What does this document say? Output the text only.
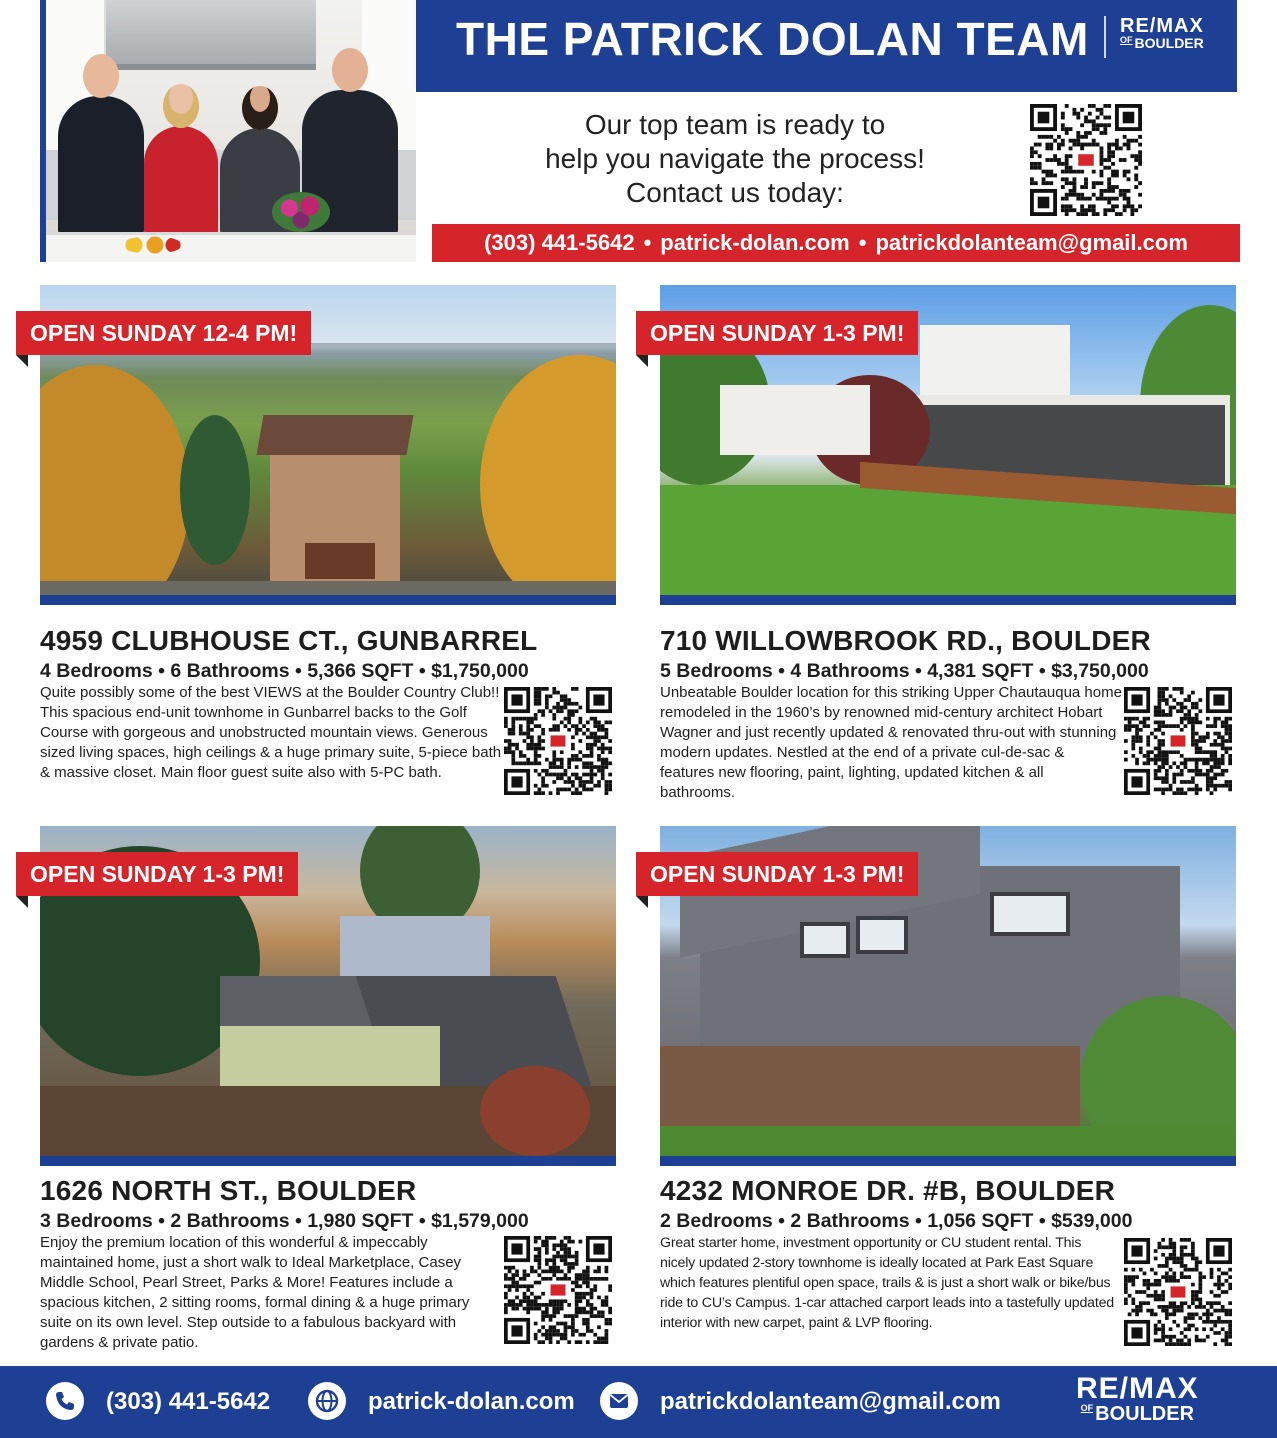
THE PATRICK DOLAN TEAM RE/MAX
$^{OF}$ BOULDER
Our top team is ready to
help you navigate the process!
Contact us today:
(303) 441-5642 • patrick-dolan.com • patrickdolanteam@gmail.com
OPEN SUNDAY 12-4 PM!
4959 CLUBHOUSE CT., GUNBARREL
4 Bedrooms • 6 Bathrooms • 5,366 SQFT • $1,750,000
Quite possibly some of the best VIEWS at the Boulder Country Club!! This spacious end-unit townhome in Gunbarrel backs to the Golf Course with gorgeous and unobstructed mountain views. Generous sized living spaces, high ceilings & a huge primary suite, 5-piece bath & massive closet. Main floor guest suite also with 5-PC bath.
OPEN SUNDAY 1-3 PM!
710 WILLOWBROOK RD., BOULDER
5 Bedrooms • 4 Bathrooms • 4,381 SQFT • $3,750,000
Unbeatable Boulder location for this striking Upper Chautauqua home remodeled in the 1960’s by renowned mid-century architect Hobart Wagner and just recently updated & renovated thru-out with stunning modern updates. Nestled at the end of a private cul-de-sac & features new flooring, paint, lighting, updated kitchen & all bathrooms.
OPEN SUNDAY 1-3 PM!
1626 NORTH ST., BOULDER
3 Bedrooms • 2 Bathrooms • 1,980 SQFT • $1,579,000
Enjoy the premium location of this wonderful & impeccably maintained home, just a short walk to Ideal Marketplace, Casey Middle School, Pearl Street, Parks & More! Features include a spacious kitchen, 2 sitting rooms, formal dining & a huge primary suite on its own level. Step outside to a fabulous backyard with gardens & private patio.
OPEN SUNDAY 1-3 PM!
4232 MONROE DR. #B, BOULDER
2 Bedrooms • 2 Bathrooms • 1,056 SQFT • $539,000
Great starter home, investment opportunity or CU student rental. This nicely updated 2-story townhome is ideally located at Park East Square which features plentiful open space, trails & is just a short walk or bike/bus ride to CU’s Campus. 1-car attached carport leads into a tastefully updated interior with new carpet, paint & LVP flooring.
(303) 441-5642	patrick-dolan.com	patrickdolanteam@gmail.com	RE/MAX
$^{OF}$ BOULDER
